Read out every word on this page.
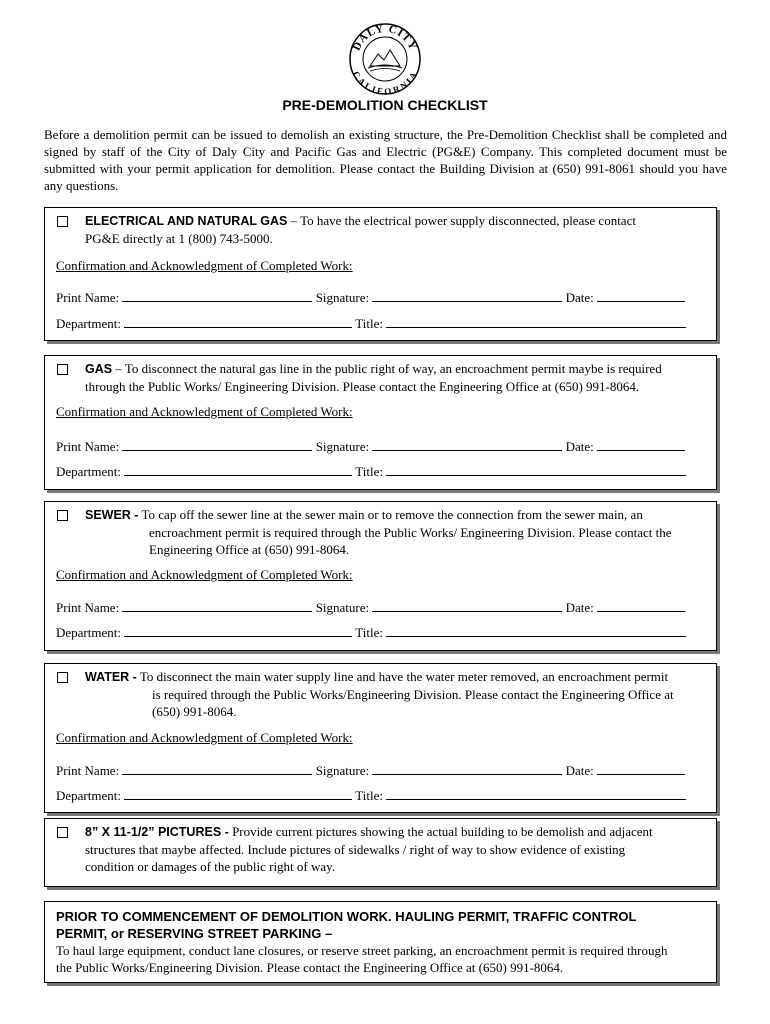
DALY CITY
CALIFORNIA
PRE-DEMOLITION CHECKLIST
Before a demolition permit can be issued to demolish an existing structure, the Pre-Demolition Checklist shall be completed and signed by staff of the City of Daly City and Pacific Gas and Electric (PG&E) Company. This completed document must be submitted with your permit application for demolition. Please contact the Building Division at (650) 991-8061 should you have any questions.
ELECTRICAL AND NATURAL GAS – To have the electrical power supply disconnected, please contact
PG&E directly at 1 (800) 743-5000.
Confirmation and Acknowledgment of Completed Work:
Print Name:	Signature:	Date:
Department:	Title:
GAS – To disconnect the natural gas line in the public right of way, an encroachment permit maybe is required
through the Public Works/ Engineering Division. Please contact the Engineering Office at (650) 991-8064.
Confirmation and Acknowledgment of Completed Work:
Print Name:	Signature:	Date:
Department:	Title:
SEWER - To cap off the sewer line at the sewer main or to remove the connection from the sewer main, an
encroachment permit is required through the Public Works/ Engineering Division. Please contact the
Engineering Office at (650) 991-8064.
Confirmation and Acknowledgment of Completed Work:
Print Name:	Signature:	Date:
Department:	Title:
WATER - To disconnect the main water supply line and have the water meter removed, an encroachment permit
is required through the Public Works/Engineering Division. Please contact the Engineering Office at
(650) 991-8064.
Confirmation and Acknowledgment of Completed Work:
Print Name:	Signature:	Date:
Department:	Title:
8” X 11-1/2” PICTURES - Provide current pictures showing the actual building to be demolish and adjacent
structures that maybe affected. Include pictures of sidewalks / right of way to show evidence of existing
condition or damages of the public right of way.
PRIOR TO COMMENCEMENT OF DEMOLITION WORK. HAULING PERMIT, TRAFFIC CONTROL
PERMIT, or RESERVING STREET PARKING –
To haul large equipment, conduct lane closures, or reserve street parking, an encroachment permit is required through
the Public Works/Engineering Division. Please contact the Engineering Office at (650) 991-8064.
